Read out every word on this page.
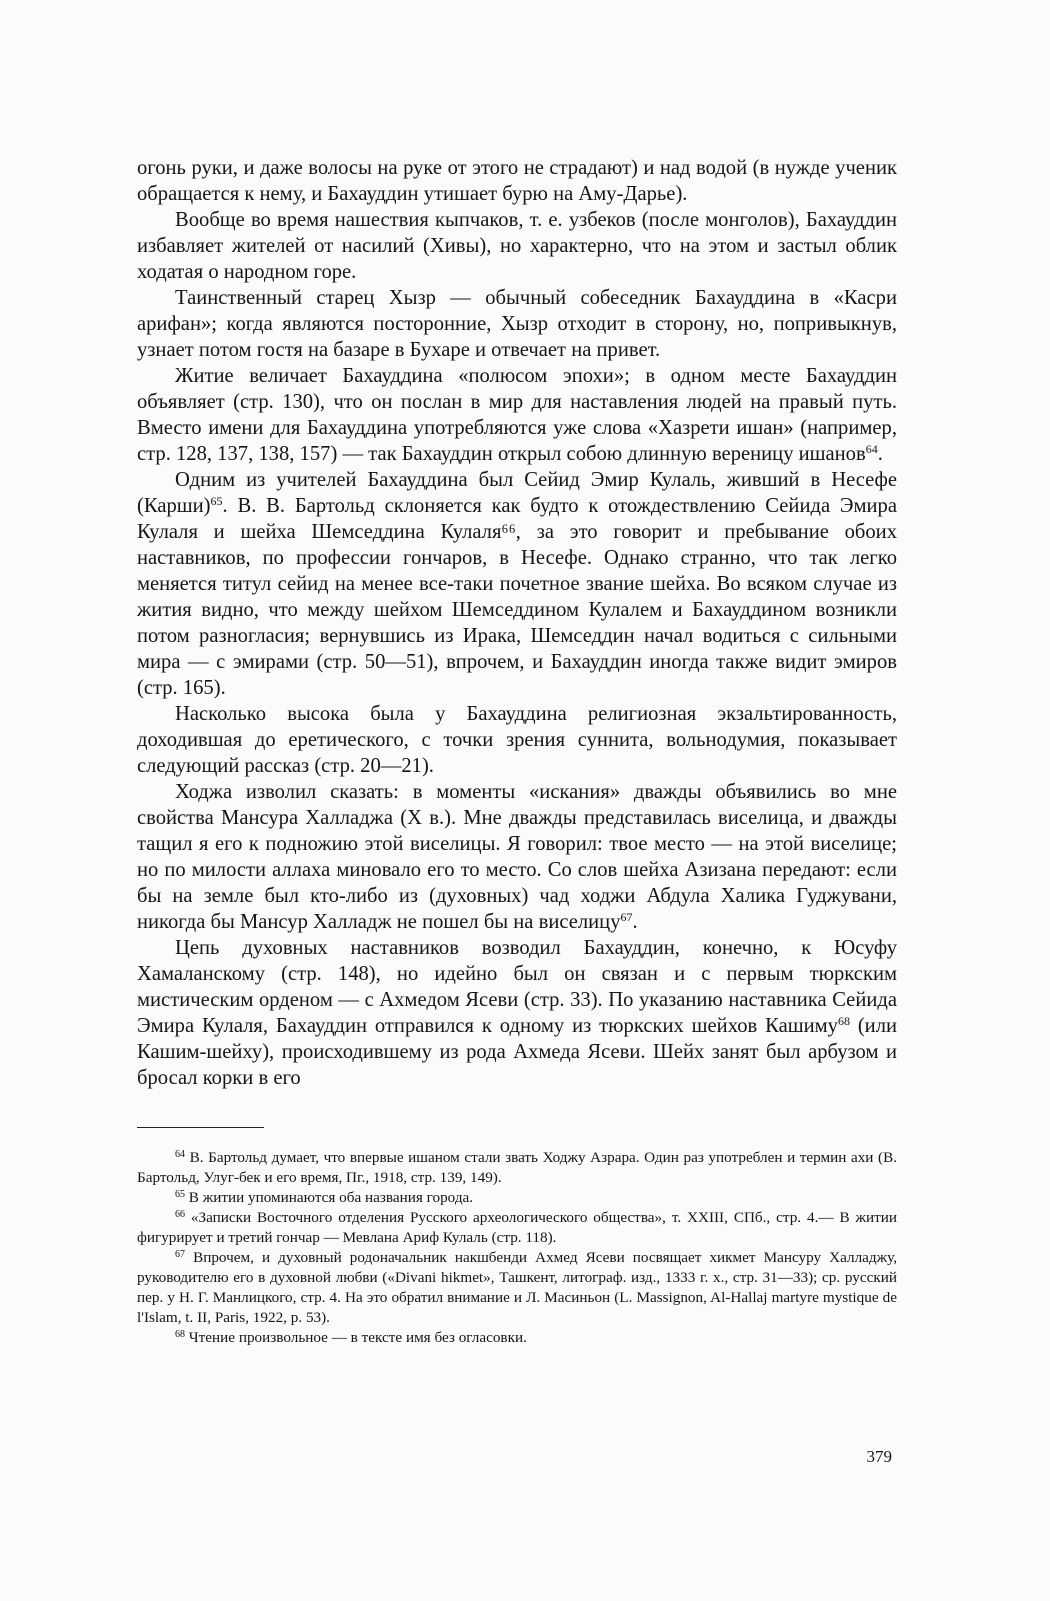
огонь руки, и даже волосы на руке от этого не страдают) и над водой (в нужде ученик обращается к нему, и Бахауддин утишает бурю на Аму-Дарье).

Вообще во время нашествия кыпчаков, т. е. узбеков (после монголов), Бахауддин избавляет жителей от насилий (Хивы), но характерно, что на этом и застыл облик ходатая о народном горе.

Таинственный старец Хызр — обычный собеседник Бахауддина в «Касри арифан»; когда являются посторонние, Хызр отходит в сторону, но, попривыкнув, узнает потом гостя на базаре в Бухаре и отвечает на привет.

Житие величает Бахауддина «полюсом эпохи»; в одном месте Бахауддин объявляет (стр. 130), что он послан в мир для наставления людей на правый путь. Вместо имени для Бахауддина употребляются уже слова «Хазрети ишан» (например, стр. 128, 137, 138, 157) — так Бахауддин открыл собою длинную вереницу ишанов$^{64}$.

Одним из учителей Бахауддина был Сейид Эмир Кулаль, живший в Несефе (Карши)$^{65}$. В. В. Бартольд склоняется как будто к отождествлению Сейида Эмира Кулаля и шейха Шемседдина Кулаля⁶⁶, за это говорит и пребывание обоих наставников, по профессии гончаров, в Несефе. Однако странно, что так легко меняется титул сейид на менее все-таки почетное звание шейха. Во всяком случае из жития видно, что между шейхом Шемседдином Кулалем и Бахауддином возникли потом разногласия; вернувшись из Ирака, Шемседдин начал водиться с сильными мира — с эмирами (стр. 50—51), впрочем, и Бахауддин иногда также видит эмиров (стр. 165).

Насколько высока была у Бахауддина религиозная экзальтированность, доходившая до еретического, с точки зрения суннита, вольнодумия, показывает следующий рассказ (стр. 20—21).

Ходжа изволил сказать: в моменты «искания» дважды объявились во мне свойства Мансура Халладжа (X в.). Мне дважды представилась виселица, и дважды тащил я его к подножию этой виселицы. Я говорил: твое место — на этой виселице; но по милости аллаха миновало его то место. Со слов шейха Азизана передают: если бы на земле был кто-либо из (духовных) чад ходжи Абдула Халика Гуджувани, никогда бы Мансур Халладж не пошел бы на виселицу$^{67}$.

Цепь духовных наставников возводил Бахауддин, конечно, к Юсуфу Хамаланскому (стр. 148), но идейно был он связан и с первым тюркским мистическим орденом — с Ахмедом Ясеви (стр. 33). По указанию наставника Сейида Эмира Кулаля, Бахауддин отправился к одному из тюркских шейхов Кашиму$^{68}$ (или Кашим-шейху), происходившему из рода Ахмеда Ясеви. Шейх занят был арбузом и бросал корки в его

$^{64}$ В. Бартольд думает, что впервые ишаном стали звать Ходжу Азрара. Один раз употреблен и термин ахи (В. Бартольд, Улуг-бек и его время, Пг., 1918, стр. 139, 149).

$^{65}$ В житии упоминаются оба названия города.

$^{66}$ «Записки Восточного отделения Русского археологического общества», т. XXIII, СПб., стр. 4.— В житии фигурирует и третий гончар — Мевлана Ариф Кулаль (стр. 118).

$^{67}$ Впрочем, и духовный родоначальник накшбенди Ахмед Ясеви посвящает хикмет Мансуру Халладжу, руководителю его в духовной любви («Divani hikmet», Ташкент, литограф. изд., 1333 г. х., стр. 31—33); ср. русский пер. у Н. Г. Манлицкого, стр. 4. На это обратил внимание и Л. Масиньон (L. Massignon, Al-Hallaj martyre mystique de l'Islam, t. II, Paris, 1922, p. 53).

$^{68}$ Чтение произвольное — в тексте имя без огласовки.

379
